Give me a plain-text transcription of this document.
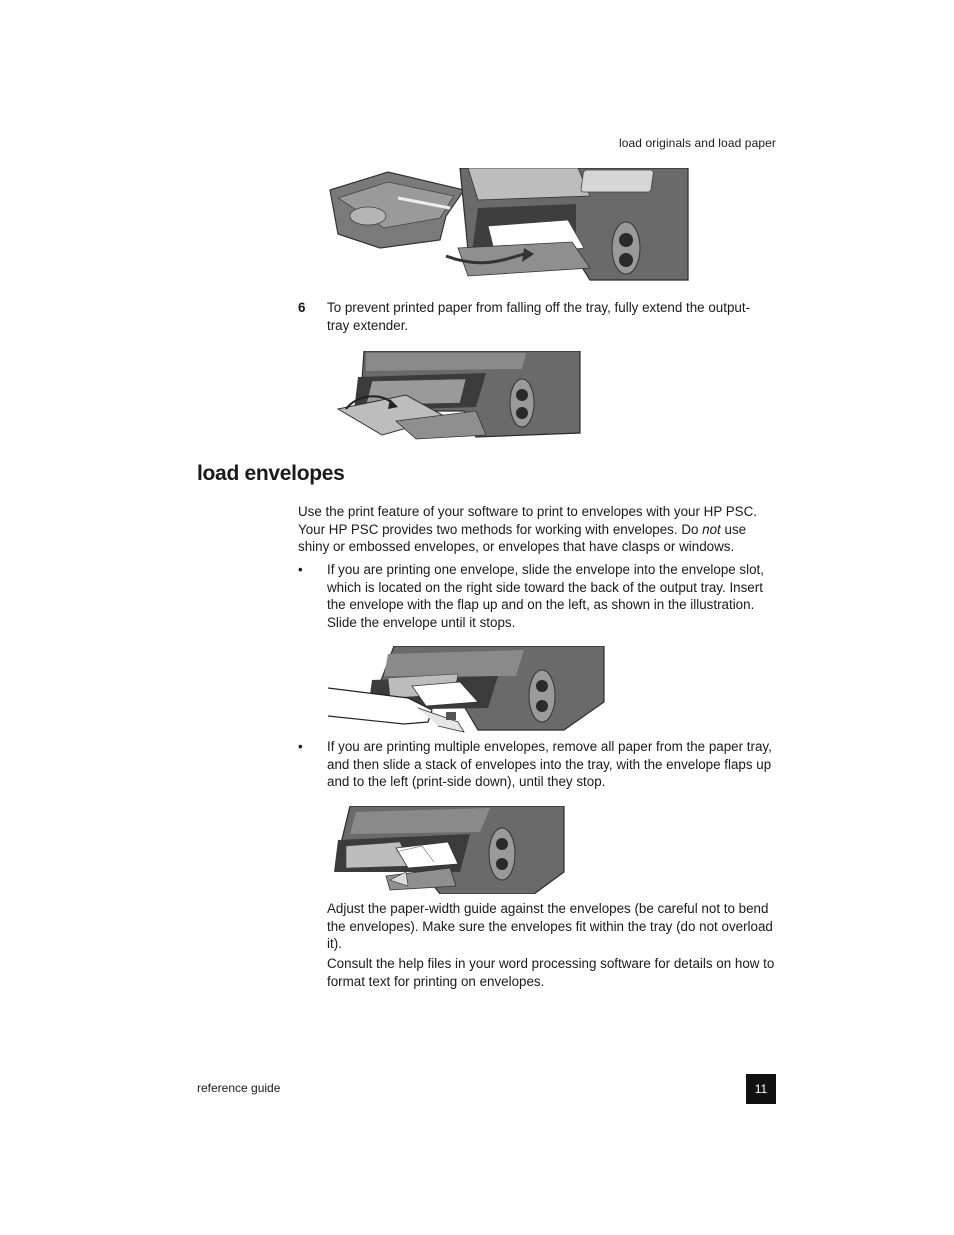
load originals and load paper
6 To prevent printed paper from falling off the tray, fully extend the output-tray extender.
load envelopes

Use the print feature of your software to print to envelopes with your HP PSC. Your HP PSC provides two methods for working with envelopes. Do not use shiny or embossed envelopes, or envelopes that have clasps or windows.

• If you are printing one envelope, slide the envelope into the envelope slot, which is located on the right side toward the back of the output tray. Insert the envelope with the flap up and on the left, as shown in the illustration. Slide the envelope until it stops.
• If you are printing multiple envelopes, remove all paper from the paper tray, and then slide a stack of envelopes into the tray, with the envelope flaps up and to the left (print-side down), until they stop.

Adjust the paper-width guide against the envelopes (be careful not to bend the envelopes). Make sure the envelopes fit within the tray (do not overload it).

Consult the help files in your word processing software for details on how to format text for printing on envelopes.

reference guide	11
